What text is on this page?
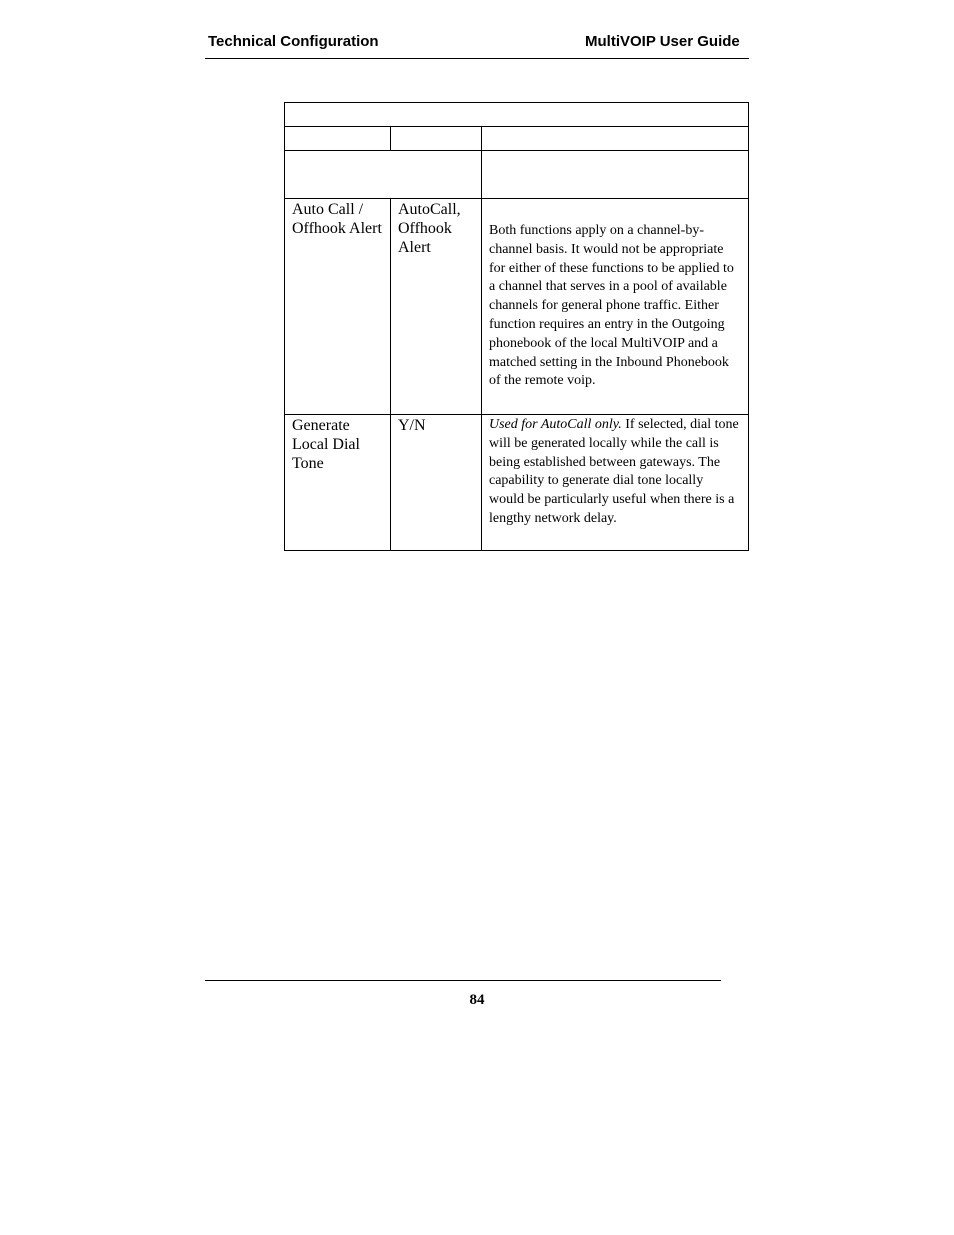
Technical Configuration	MultiVOIP User Guide

Auto Call / Offhook Alert	AutoCall, Offhook Alert	Both functions apply on a channel-by-channel basis. It would not be appropriate for either of these functions to be applied to a channel that serves in a pool of available channels for general phone traffic. Either function requires an entry in the Outgoing phonebook of the local MultiVOIP and a matched setting in the Inbound Phonebook of the remote voip.
Generate Local Dial Tone	Y/N	Used for AutoCall only. If selected, dial tone will be generated locally while the call is being established between gateways. The capability to generate dial tone locally would be particularly useful when there is a lengthy network delay.
84
